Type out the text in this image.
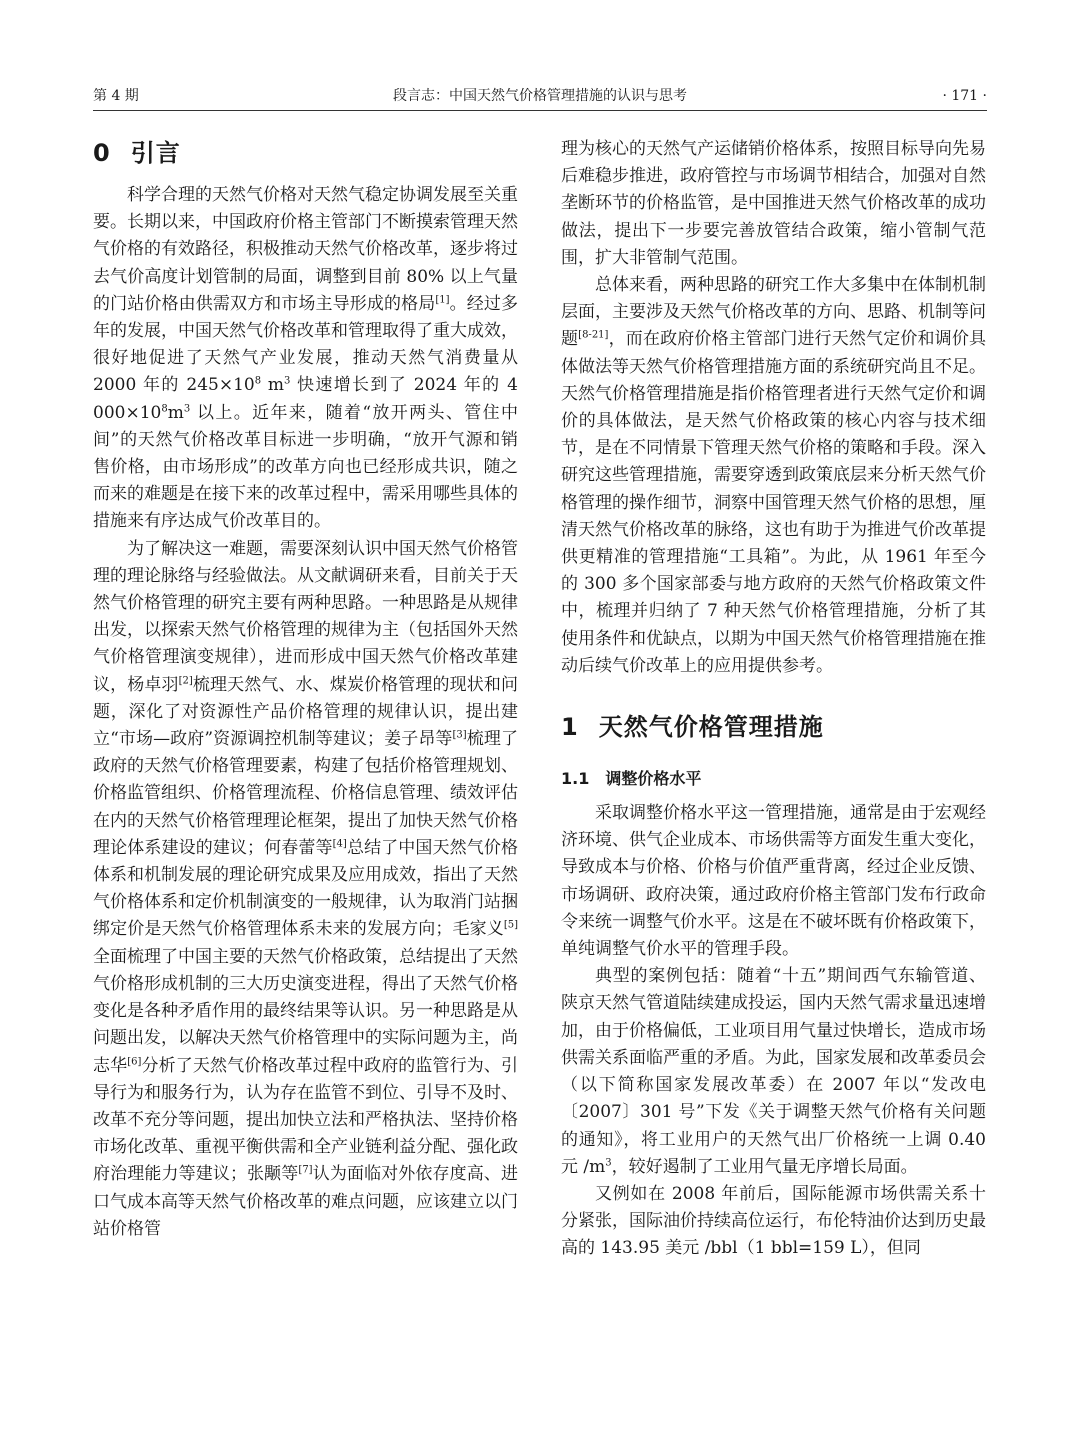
第 4 期	段言志：中国天然气价格管理措施的认识与思考	· 171 ·
0 引言

科学合理的天然气价格对天然气稳定协调发展至关重要。长期以来，中国政府价格主管部门不断摸索管理天然气价格的有效路径，积极推动天然气价格改革，逐步将过去气价高度计划管制的局面，调整到目前 80% 以上气量的门站价格由供需双方和市场主导形成的格局[1]。经过多年的发展，中国天然气价格改革和管理取得了重大成效，很好地促进了天然气产业发展，推动天然气消费量从 2000 年的 $245\times 10^8$ $m^3$ 快速增长到了 2024 年的 4 $000\times 10^8m^3$ 以上。近年来，随着“放开两头、管住中间”的天然气价格改革目标进一步明确，“放开气源和销售价格，由市场形成”的改革方向也已经形成共识，随之而来的难题是在接下来的改革过程中，需采用哪些具体的措施来有序达成气价改革目的。

为了解决这一难题，需要深刻认识中国天然气价格管理的理论脉络与经验做法。从文献调研来看，目前关于天然气价格管理的研究主要有两种思路。一种思路是从规律出发，以探索天然气价格管理的规律为主（包括国外天然气价格管理演变规律），进而形成中国天然气价格改革建议，杨卓羽[2]梳理天然气、水、煤炭价格管理的现状和问题，深化了对资源性产品价格管理的规律认识，提出建立“市场—政府”资源调控机制等建议；姜子昂等[3]梳理了政府的天然气价格管理要素，构建了包括价格管理规划、价格监管组织、价格管理流程、价格信息管理、绩效评估在内的天然气价格管理理论框架，提出了加快天然气价格理论体系建设的建议；何春蕾等[4]总结了中国天然气价格体系和机制发展的理论研究成果及应用成效，指出了天然气价格体系和定价机制演变的一般规律，认为取消门站捆绑定价是天然气价格管理体系未来的发展方向；毛家义[5]全面梳理了中国主要的天然气价格政策，总结提出了天然气价格形成机制的三大历史演变进程，得出了天然气价格变化是各种矛盾作用的最终结果等认识。另一种思路是从问题出发，以解决天然气价格管理中的实际问题为主，尚志华[6]分析了天然气价格改革过程中政府的监管行为、引导行为和服务行为，认为存在监管不到位、引导不及时、改革不充分等问题，提出加快立法和严格执法、坚持价格市场化改革、重视平衡供需和全产业链利益分配、强化政府治理能力等建议；张颙等[7]认为面临对外依存度高、进口气成本高等天然气价格改革的难点问题，应该建立以门站价格管

理为核心的天然气产运储销价格体系，按照目标导向先易后难稳步推进，政府管控与市场调节相结合，加强对自然垄断环节的价格监管，是中国推进天然气价格改革的成功做法，提出下一步要完善放管结合政策，缩小管制气范围，扩大非管制气范围。

总体来看，两种思路的研究工作大多集中在体制机制层面，主要涉及天然气价格改革的方向、思路、机制等问题[8-21]，而在政府价格主管部门进行天然气定价和调价具体做法等天然气价格管理措施方面的系统研究尚且不足。天然气价格管理措施是指价格管理者进行天然气定价和调价的具体做法，是天然气价格政策的核心内容与技术细节，是在不同情景下管理天然气价格的策略和手段。深入研究这些管理措施，需要穿透到政策底层来分析天然气价格管理的操作细节，洞察中国管理天然气价格的思想，厘清天然气价格改革的脉络，这也有助于为推进气价改革提供更精准的管理措施“工具箱”。为此，从 1961 年至今的 300 多个国家部委与地方政府的天然气价格政策文件中，梳理并归纳了 7 种天然气价格管理措施，分析了其使用条件和优缺点，以期为中国天然气价格管理措施在推动后续气价改革上的应用提供参考。

1 天然气价格管理措施
1.1 调整价格水平

采取调整价格水平这一管理措施，通常是由于宏观经济环境、供气企业成本、市场供需等方面发生重大变化，导致成本与价格、价格与价值严重背离，经过企业反馈、市场调研、政府决策，通过政府价格主管部门发布行政命令来统一调整气价水平。这是在不破坏既有价格政策下，单纯调整气价水平的管理手段。

典型的案例包括：随着“十五”期间西气东输管道、陕京天然气管道陆续建成投运，国内天然气需求量迅速增加，由于价格偏低，工业项目用气量过快增长，造成市场供需关系面临严重的矛盾。为此，国家发展和改革委员会（以下简称国家发展改革委）在 2007 年以“发改电〔2007〕301 号”下发《关于调整天然气价格有关问题的通知》，将工业用户的天然气出厂价格统一上调 0.40 元 $/m^3$，较好遏制了工业用气量无序增长局面。

又例如在 2008 年前后，国际能源市场供需关系十分紧张，国际油价持续高位运行，布伦特油价达到历史最高的 143.95 美元 /bbl（1 bbl=159 L），但同
